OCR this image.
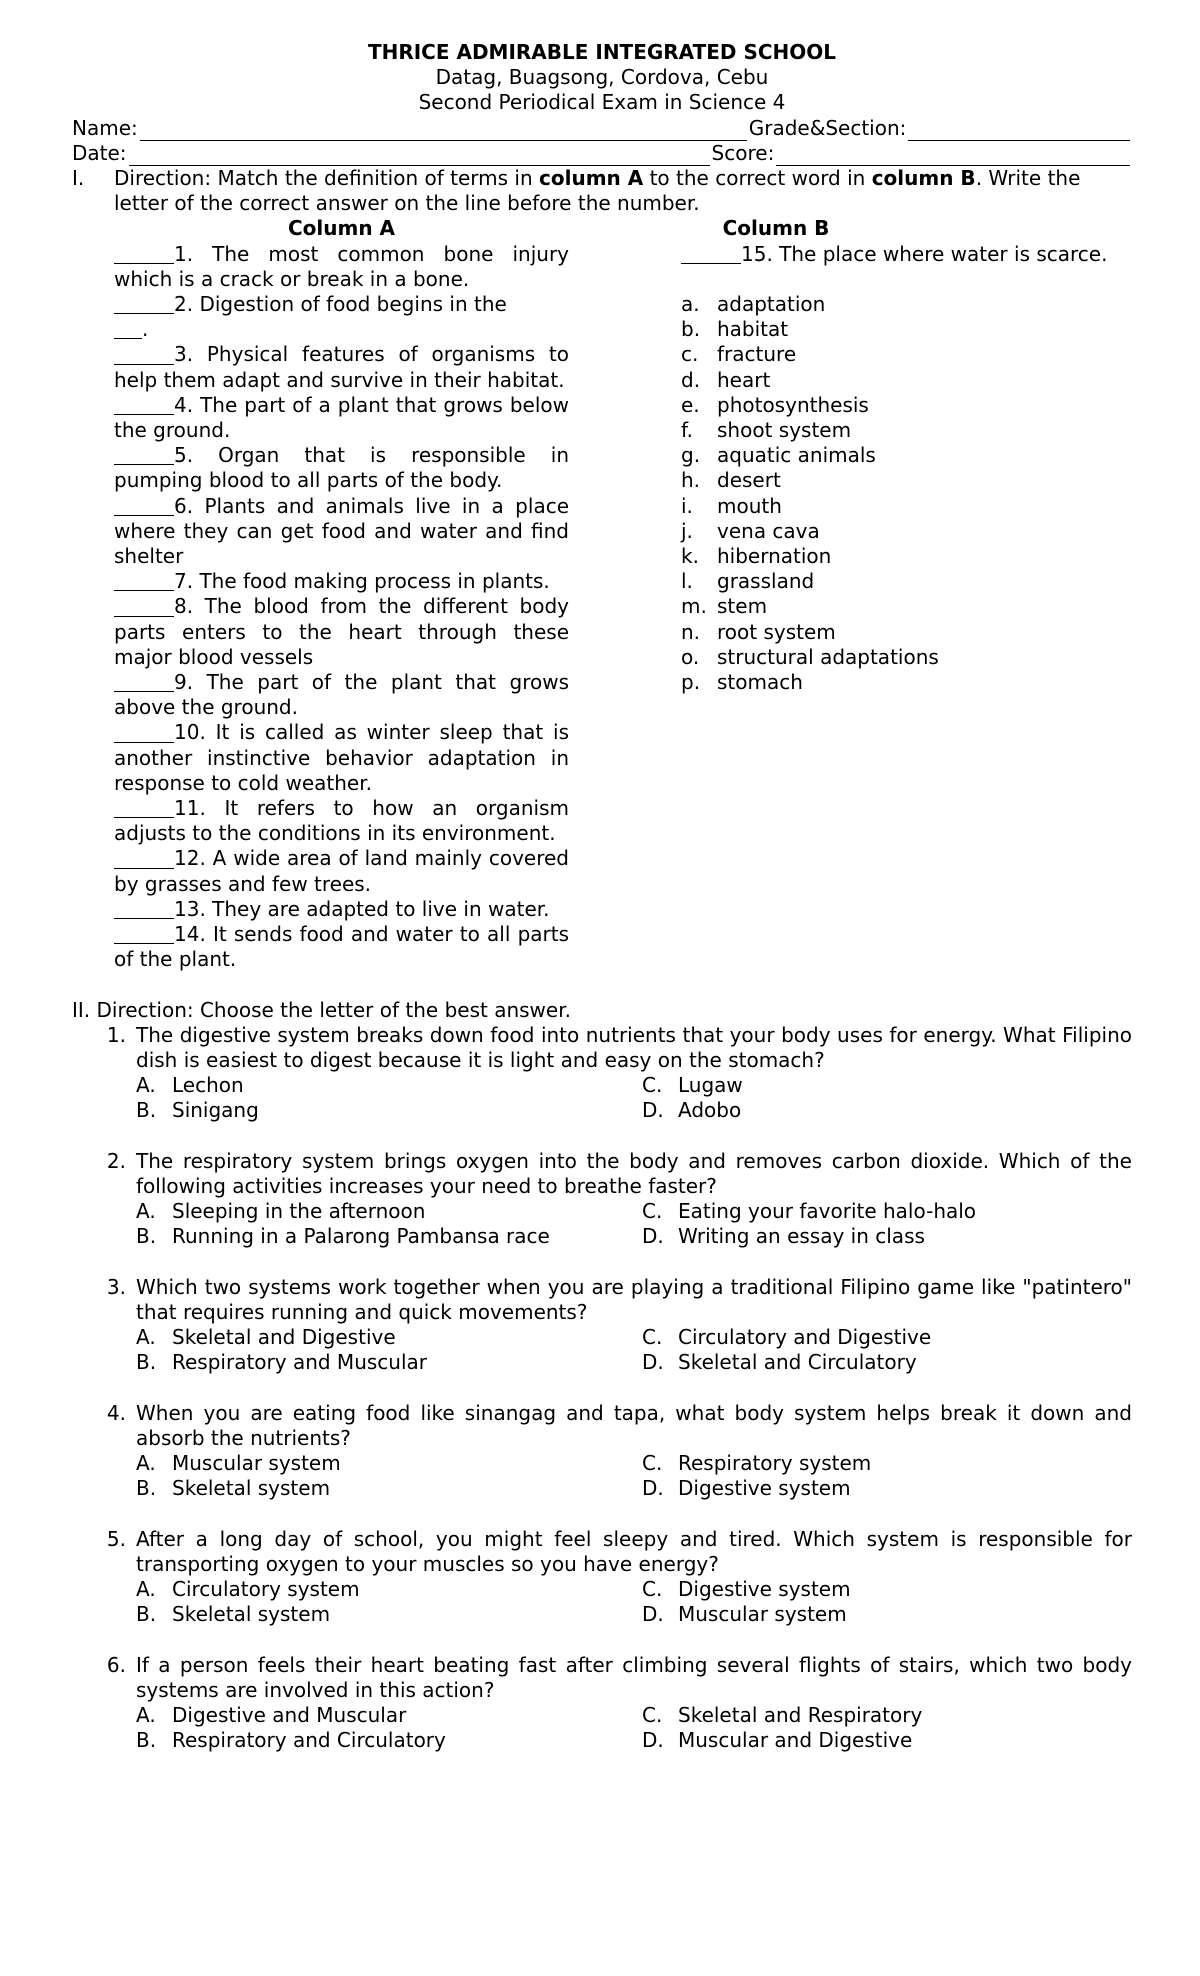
THRICE ADMIRABLE INTEGRATED SCHOOL
Datag, Buagsong, Cordova, Cebu
Second Periodical Exam in Science 4
Name:	Grade&Section:
Date:	Score:
I.	Direction: Match the definition of terms in column A to the correct word in column B. Write the letter of the correct answer on the line before the number.
Column A
1. The most common bone injury which is a crack or break in a bone.
2. Digestion of food begins in the
.
3. Physical features of organisms to help them adapt and survive in their habitat.
4. The part of a plant that grows below the ground.
5. Organ that is responsible in pumping blood to all parts of the body.
6. Plants and animals live in a place where they can get food and water and find shelter
7. The food making process in plants.
8. The blood from the different body parts enters to the heart through these major blood vessels
9. The part of the plant that grows above the ground.
10. It is called as winter sleep that is another instinctive behavior adaptation in response to cold weather.
11. It refers to how an organism adjusts to the conditions in its environment.
12. A wide area of land mainly covered by grasses and few trees.
13. They are adapted to live in water.
14. It sends food and water to all parts of the plant.
Column B
15. The place where water is scarce.
a. adaptation
b. habitat
c. fracture
d. heart
e. photosynthesis
f.	shoot system
g. aquatic animals
h. desert
i.	mouth
j.	vena cava
k. hibernation
l.	grassland
m. stem
n. root system
o. structural adaptations
p. stomach
II. Direction: Choose the letter of the best answer.
1. The digestive system breaks down food into nutrients that your body uses for energy. What Filipino dish is easiest to digest because it is light and easy on the stomach?
A. Lechon	C. Lugaw
B. Sinigang	D. Adobo
2. The respiratory system brings oxygen into the body and removes carbon dioxide. Which of the following activities increases your need to breathe faster?
A. Sleeping in the afternoon	C. Eating your favorite halo-halo
B. Running in a Palarong Pambansa race	D. Writing an essay in class
3. Which two systems work together when you are playing a traditional Filipino game like "patintero" that requires running and quick movements?
A. Skeletal and Digestive	C. Circulatory and Digestive
B. Respiratory and Muscular	D. Skeletal and Circulatory
4. When you are eating food like sinangag and tapa, what body system helps break it down and absorb the nutrients?
A. Muscular system	C. Respiratory system
B. Skeletal system	D. Digestive system
5. After a long day of school, you might feel sleepy and tired. Which system is responsible for transporting oxygen to your muscles so you have energy?
A. Circulatory system	C. Digestive system
B. Skeletal system	D. Muscular system
6. If a person feels their heart beating fast after climbing several flights of stairs, which two body systems are involved in this action?
A. Digestive and Muscular	C. Skeletal and Respiratory
B. Respiratory and Circulatory	D. Muscular and Digestive
